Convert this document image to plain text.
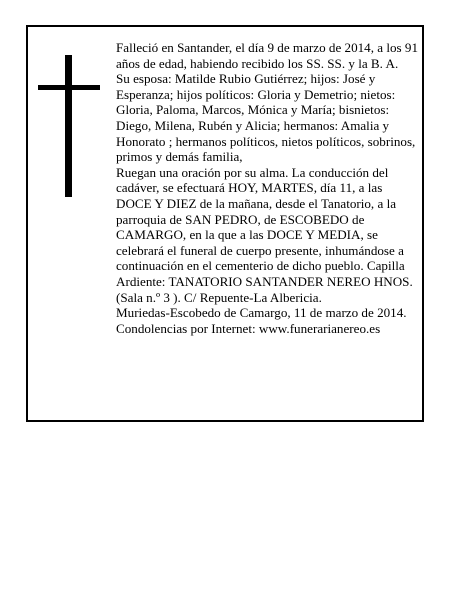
Falleció en Santander, el día 9 de marzo de 2014, a los 91 años de edad, habiendo recibido los SS. SS. y la B. A.

Su esposa: Matilde Rubio Gutiérrez; hijos: José y Esperanza; hijos políticos: Gloria y Demetrio; nietos: Gloria, Paloma, Marcos, Mónica y María; bisnietos: Diego, Milena, Rubén y Alicia; hermanos: Amalia y Honorato ; hermanos políticos, nietos políticos, sobrinos, primos y demás familia,

Ruegan una oración por su alma. La conducción del cadáver, se efectuará HOY, MARTES, día 11, a las DOCE Y DIEZ de la mañana, desde el Tanatorio, a la parroquia de SAN PEDRO, de ESCOBEDO de CAMARGO, en la que a las DOCE Y MEDIA, se celebrará el funeral de cuerpo presente, inhumándose a continuación en el cementerio de dicho pueblo. Capilla Ardiente: TANATORIO SANTANDER NEREO HNOS. (Sala n.º 3 ). C/ Repuente-La Albericia.

Muriedas-Escobedo de Camargo, 11 de marzo de 2014.

Condolencias por Internet: www.funerarianereo.es
